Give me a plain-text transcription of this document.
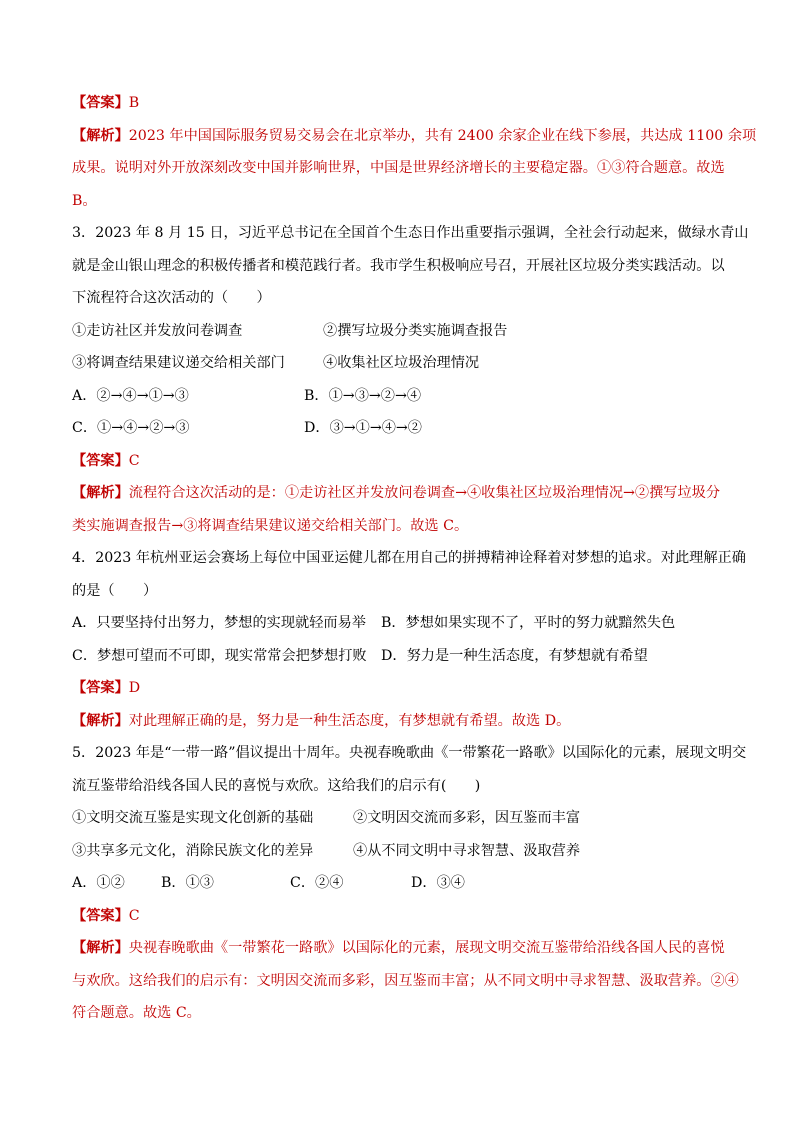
【答案】B

【解析】2023 年中国国际服务贸易交易会在北京举办，共有 2400 余家企业在线下参展，共达成 1100 余项

成果。说明对外开放深刻改变中国并影响世界，中国是世界经济增长的主要稳定器。①③符合题意。故选

B。

3．2023 年 8 月 15 日，习近平总书记在全国首个生态日作出重要指示强调，全社会行动起来，做绿水青山

就是金山银山理念的积极传播者和模范践行者。我市学生积极响应号召，开展社区垃圾分类实践活动。以

下流程符合这次活动的（　　）

①走访社区并发放问卷调查	②撰写垃圾分类实施调查报告
③将调查结果建议递交给相关部门	④收集社区垃圾治理情况
A．②→④→①→③	B．①→③→②→④
C．①→④→②→③	D．③→①→④→②

【答案】C

【解析】流程符合这次活动的是：①走访社区并发放问卷调查→④收集社区垃圾治理情况→②撰写垃圾分

类实施调查报告→③将调查结果建议递交给相关部门。故选 C。

4．2023 年杭州亚运会赛场上每位中国亚运健儿都在用自己的拼搏精神诠释着对梦想的追求。对此理解正确

的是（　　）

A．只要坚持付出努力，梦想的实现就轻而易举	B．梦想如果实现不了，平时的努力就黯然失色
C．梦想可望而不可即，现实常常会把梦想打败	D．努力是一种生活态度，有梦想就有希望

【答案】D

【解析】对此理解正确的是，努力是一种生活态度，有梦想就有希望。故选 D。

5．2023 年是“一带一路”倡议提出十周年。央视春晚歌曲《一带繁花一路歌》以国际化的元素，展现文明交

流互鉴带给沿线各国人民的喜悦与欢欣。这给我们的启示有(　　)

①文明交流互鉴是实现文化创新的基础	②文明因交流而多彩，因互鉴而丰富
③共享多元文化，消除民族文化的差异	④从不同文明中寻求智慧、汲取营养
A．①②	B．①③	C．②④	D．③④

【答案】C

【解析】央视春晚歌曲《一带繁花一路歌》以国际化的元素，展现文明交流互鉴带给沿线各国人民的喜悦

与欢欣。这给我们的启示有：文明因交流而多彩，因互鉴而丰富；从不同文明中寻求智慧、汲取营养。②④

符合题意。故选 C。
